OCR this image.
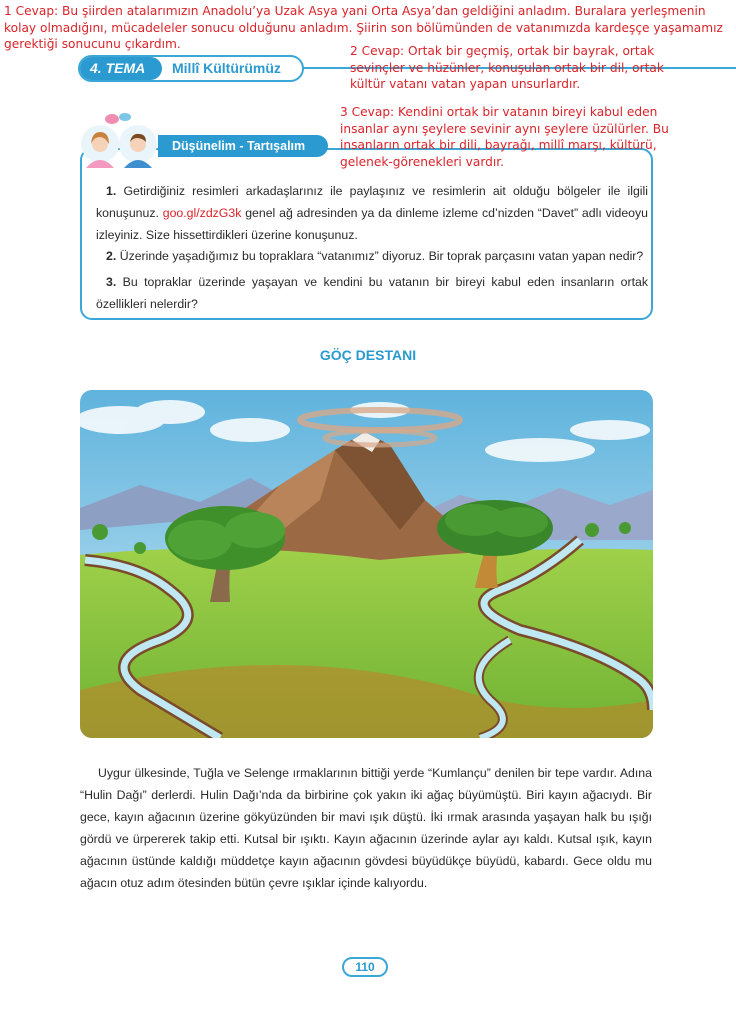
1 Cevap: Bu şiirden atalarımızın Anadolu’ya Uzak Asya yani Orta Asya’dan geldiğini anladım. Buralara yerleşmenin kolay olmadığını, mücadeleler sonucu olduğunu anladım. Şiirin son bölümünden de vatanımızda kardeşçe yaşamamız gerektiği sonucunu çıkardım.

4. TEMA	Millî Kültürümüz

2 Cevap: Ortak bir geçmiş, ortak bir bayrak, ortak sevinçler ve hüzünler, konuşulan ortak bir dil, ortak kültür vatanı vatan yapan unsurlardır.

Düşünelim - Tartışalım

3 Cevap: Kendini ortak bir vatanın bireyi kabul eden insanlar aynı şeylere sevinir aynı şeylere üzülürler. Bu insanların ortak bir dili, bayrağı, millî marşı, kültürü, gelenek-görenekleri vardır.

1. Getirdiğiniz resimleri arkadaşlarınız ile paylaşınız ve resimlerin ait olduğu bölgeler ile ilgili konuşunuz. goo.gl/zdzG3k genel ağ adresinden ya da dinleme izleme cd’nizden “Davet” adlı videoyu izleyiniz. Size hissettirdikleri üzerine konuşunuz.

2. Üzerinde yaşadığımız bu topraklara “vatanımız” diyoruz. Bir toprak parçasını vatan yapan nedir?

3. Bu topraklar üzerinde yaşayan ve kendini bu vatanın bir bireyi kabul eden insanların ortak özellikleri nelerdir?

GÖÇ DESTANI

Uygur ülkesinde, Tuğla ve Selenge ırmaklarının bittiği yerde “Kumlançu” denilen bir tepe vardır. Adına “Hulin Dağı” derlerdi. Hulin Dağı’nda da birbirine çok yakın iki ağaç büyümüştü. Biri kayın ağacıydı. Bir gece, kayın ağacının üzerine gökyüzünden bir mavi ışık düştü. İki ırmak arasında yaşayan halk bu ışığı gördü ve ürpererek takip etti. Kutsal bir ışıktı. Kayın ağacının üzerinde aylar ayı kaldı. Kutsal ışık, kayın ağacının üstünde kaldığı müddetçe kayın ağacının gövdesi büyüdükçe büyüdü, kabardı. Gece oldu mu ağacın otuz adım ötesinden bütün çevre ışıklar içinde kalıyordu.

110
